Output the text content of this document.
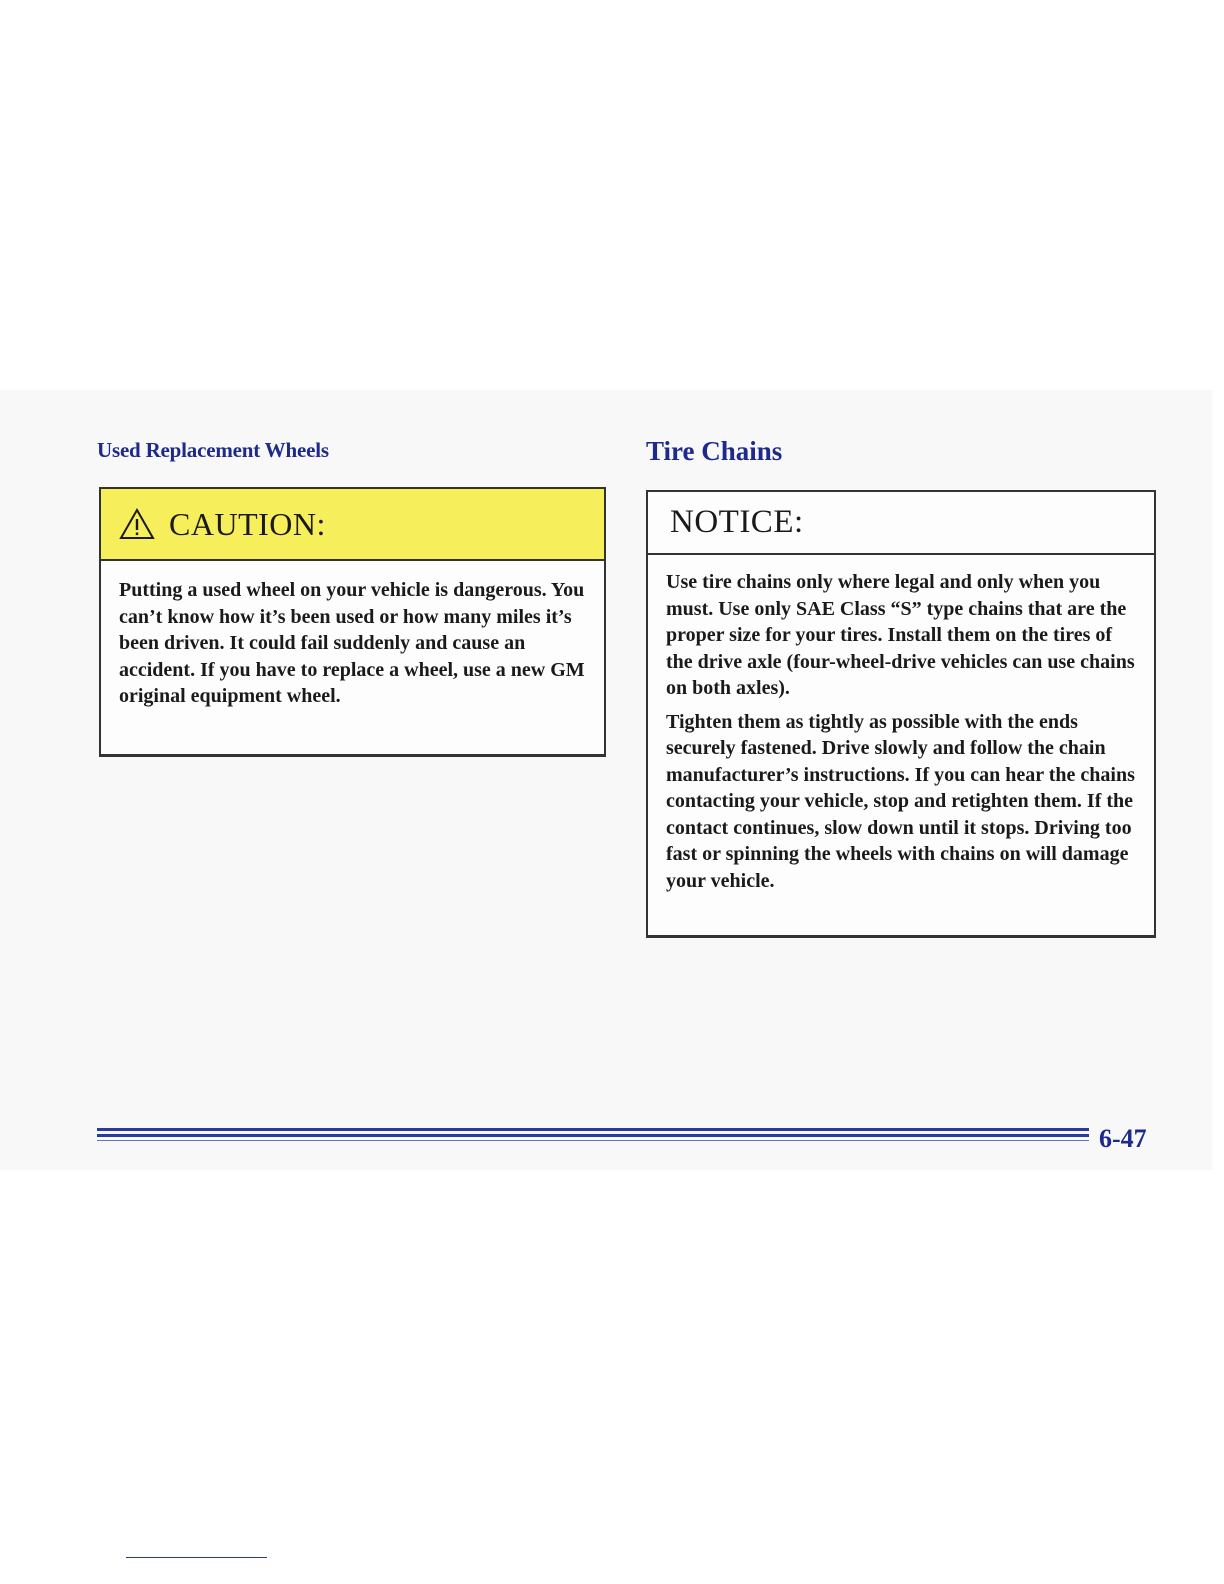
Used Replacement Wheels
CAUTION:

Putting a used wheel on your vehicle is dangerous. You can’t know how it’s been used or how many miles it’s been driven. It could fail suddenly and cause an accident. If you have to replace a wheel, use a new GM original equipment wheel.

Tire Chains
NOTICE:

Use tire chains only where legal and only when you must. Use only SAE Class “S” type chains that are the proper size for your tires. Install them on the tires of the drive axle (four-wheel-drive vehicles can use chains on both axles).

Tighten them as tightly as possible with the ends securely fastened. Drive slowly and follow the chain manufacturer’s instructions. If you can hear the chains contacting your vehicle, stop and retighten them. If the contact continues, slow down until it stops. Driving too fast or spinning the wheels with chains on will damage your vehicle.

6-47
